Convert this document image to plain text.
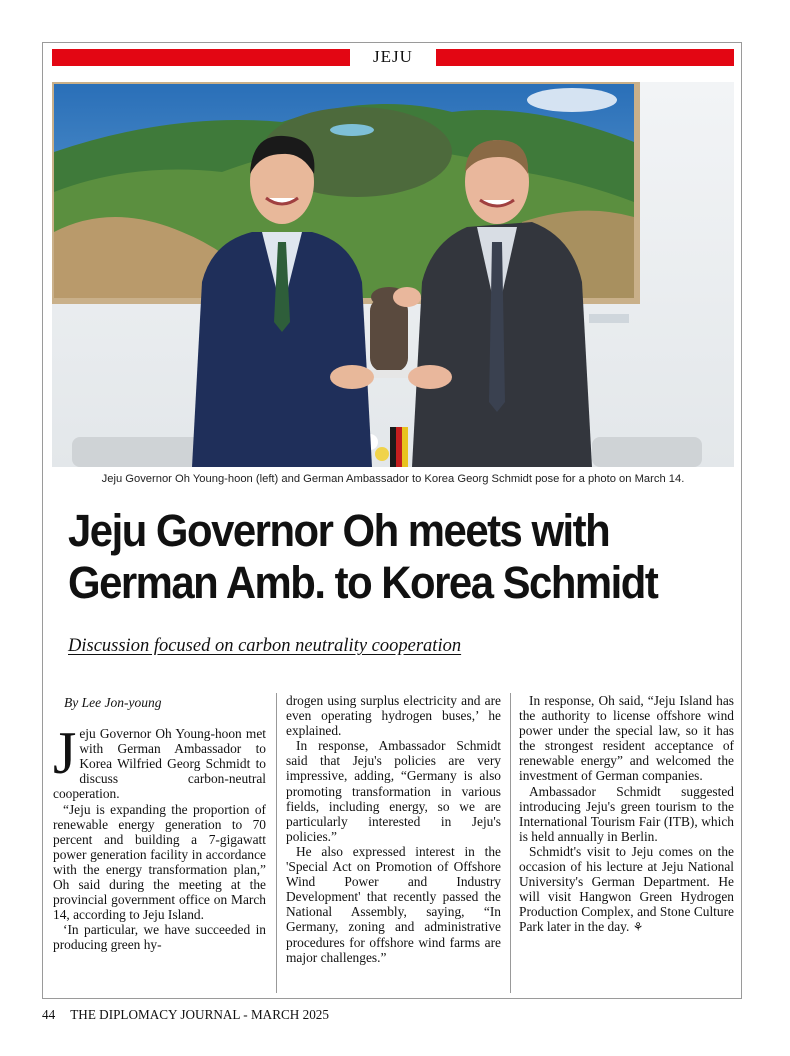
JEJU
Jeju Governor Oh Young-hoon (left) and German Ambassador to Korea Georg Schmidt pose for a photo on March 14.
Jeju Governor Oh meets with
German Amb. to Korea Schmidt
Discussion focused on carbon neutrality cooperation
By Lee Jon-young

Jeju Governor Oh Young-hoon met with German Ambassador to Korea Wilfried Georg Schmidt to discuss carbon-neutral cooperation.

“Jeju is expanding the proportion of renewable energy generation to 70 percent and building a 7-gigawatt power generation facility in accordance with the energy transformation plan,” Oh said during the meeting at the provincial government office on March 14, according to Jeju Island.

‘In particular, we have succeeded in producing green hy-

drogen using surplus electricity and are even operating hydrogen buses,’ he explained.

In response, Ambassador Schmidt said that Jeju's policies are very impressive, adding, “Germany is also promoting transformation in various fields, including energy, so we are particularly interested in Jeju's policies.”

He also expressed interest in the 'Special Act on Promotion of Offshore Wind Power and Industry Development' that recently passed the National Assembly, saying, “In Germany, zoning and administrative procedures for offshore wind farms are major challenges.”

In response, Oh said, “Jeju Island has the authority to license offshore wind power under the special law, so it has the strongest resident acceptance of renewable energy” and welcomed the investment of German companies.

Ambassador Schmidt suggested introducing Jeju's green tourism to the International Tourism Fair (ITB), which is held annually in Berlin.

Schmidt's visit to Jeju comes on the occasion of his lecture at Jeju National University's German Department. He will visit Hangwon Green Hydrogen Production Complex, and Stone Culture Park later in the day. ⚘

44 THE DIPLOMACY JOURNAL - MARCH 2025
